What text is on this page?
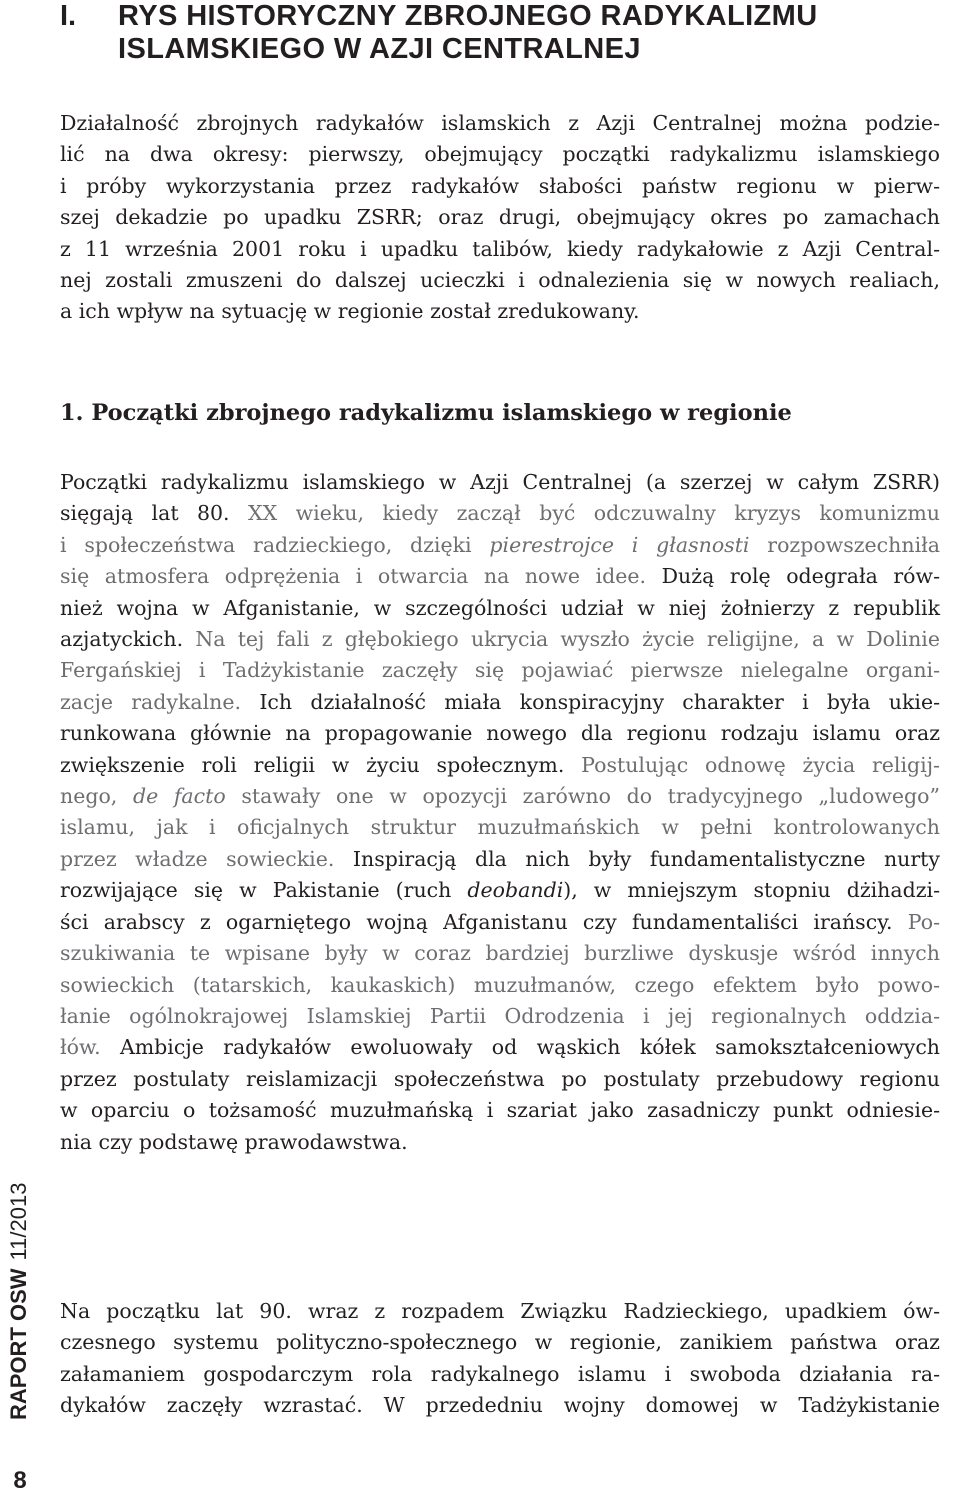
I. RYS HISTORYCZNY ZBROJNEGO RADYKALIZMU
ISLAMSKIEGO W AZJI CENTRALNEJ
Działalność zbrojnych radykałów islamskich z Azji Centralnej można podzie-
lić na dwa okresy: pierwszy, obejmujący początki radykalizmu islamskiego
i próby wykorzystania przez radykałów słabości państw regionu w pierw-
szej dekadzie po upadku ZSRR; oraz drugi, obejmujący okres po zamachach
z 11 września 2001 roku i upadku talibów, kiedy radykałowie z Azji Central-
nej zostali zmuszeni do dalszej ucieczki i odnalezienia się w nowych realiach,
a ich wpływ na sytuację w regionie został zredukowany.
1. Początki zbrojnego radykalizmu islamskiego w regionie
Początki radykalizmu islamskiego w Azji Centralnej (a szerzej w całym ZSRR)
sięgają lat 80. XX wieku, kiedy zaczął być odczuwalny kryzys komunizmu
i społeczeństwa radzieckiego, dzięki pierestrojce i głasnosti rozpowszechniła
się atmosfera odprężenia i otwarcia na nowe idee. Dużą rolę odegrała rów-
nież wojna w Afganistanie, w szczególności udział w niej żołnierzy z republik
azjatyckich. Na tej fali z głębokiego ukrycia wyszło życie religijne, a w Dolinie
Fergańskiej i Tadżykistanie zaczęły się pojawiać pierwsze nielegalne organi-
zacje radykalne. Ich działalność miała konspiracyjny charakter i była ukie-
runkowana głównie na propagowanie nowego dla regionu rodzaju islamu oraz
zwiększenie roli religii w życiu społecznym. Postulując odnowę życia religij-
nego, de facto stawały one w opozycji zarówno do tradycyjnego „ludowego”
islamu, jak i oficjalnych struktur muzułmańskich w pełni kontrolowanych
przez władze sowieckie. Inspiracją dla nich były fundamentalistyczne nurty
rozwijające się w Pakistanie (ruch deobandi), w mniejszym stopniu dżihadzi-
ści arabscy z ogarniętego wojną Afganistanu czy fundamentaliści irańscy. Po-
szukiwania te wpisane były w coraz bardziej burzliwe dyskusje wśród innych
sowieckich (tatarskich, kaukaskich) muzułmanów, czego efektem było powo-
łanie ogólnokrajowej Islamskiej Partii Odrodzenia i jej regionalnych oddzia-
łów. Ambicje radykałów ewoluowały od wąskich kółek samokształceniowych
przez postulaty reislamizacji społeczeństwa po postulaty przebudowy regionu
w oparciu o tożsamość muzułmańską i szariat jako zasadniczy punkt odniesie-
nia czy podstawę prawodawstwa.
Na początku lat 90. wraz z rozpadem Związku Radzieckiego, upadkiem ów-
czesnego systemu polityczno-społecznego w regionie, zanikiem państwa oraz
załamaniem gospodarczym rola radykalnego islamu i swoboda działania ra-
dykałów zaczęły wzrastać. W przededniu wojny domowej w Tadżykistanie
RAPORT OSW11/2013
8
